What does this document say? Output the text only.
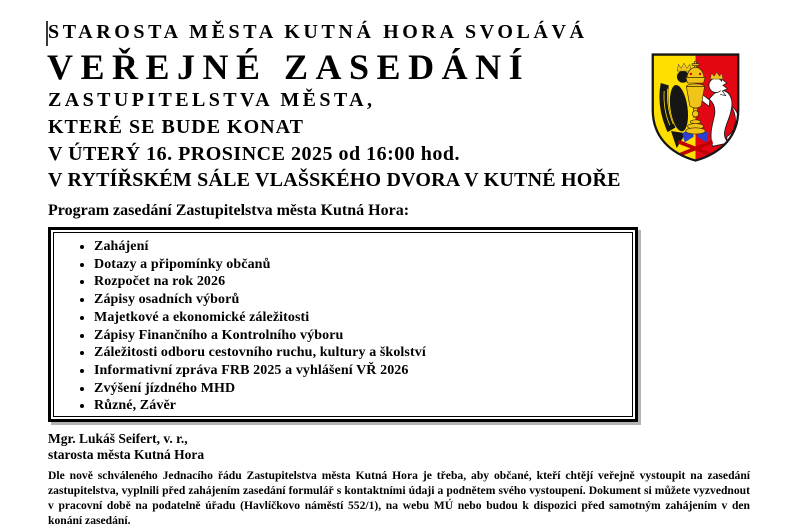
STAROSTA MĚSTA KUTNÁ HORA SVOLÁVÁ
VEŘEJNÉ ZASEDÁNÍ
ZASTUPITELSTVA MĚSTA,
KTERÉ SE BUDE KONAT
V ÚTERÝ 16. PROSINCE 2025 od 16:00 hod.
V RYTÍŘSKÉM SÁLE VLAŠSKÉHO DVORA V KUTNÉ HOŘE
Program zasedání Zastupitelstva města Kutná Hora:
• Zahájení
• Dotazy a připomínky občanů
• Rozpočet na rok 2026
• Zápisy osadních výborů
• Majetkové a ekonomické záležitosti
• Zápisy Finančního a Kontrolního výboru
• Záležitosti odboru cestovního ruchu, kultury a školství
• Informativní zpráva FRB 2025 a vyhlášení VŘ 2026
• Zvýšení jízdného MHD
• Různé, Závěr
Mgr. Lukáš Seifert, v. r.,
starosta města Kutná Hora
Dle nově schváleného Jednacího řádu Zastupitelstva města Kutná Hora je třeba, aby občané, kteří chtějí veřejně vystoupit na zasedání zastupitelstva, vyplnili před zahájením zasedání formulář s kontaktními údaji a podnětem svého vystoupení. Dokument si můžete vyzvednout v pracovní době na podatelně úřadu (Havlíčkovo náměstí 552/1), na webu MÚ nebo budou k dispozici před samotným zahájením v den konání zasedání.
